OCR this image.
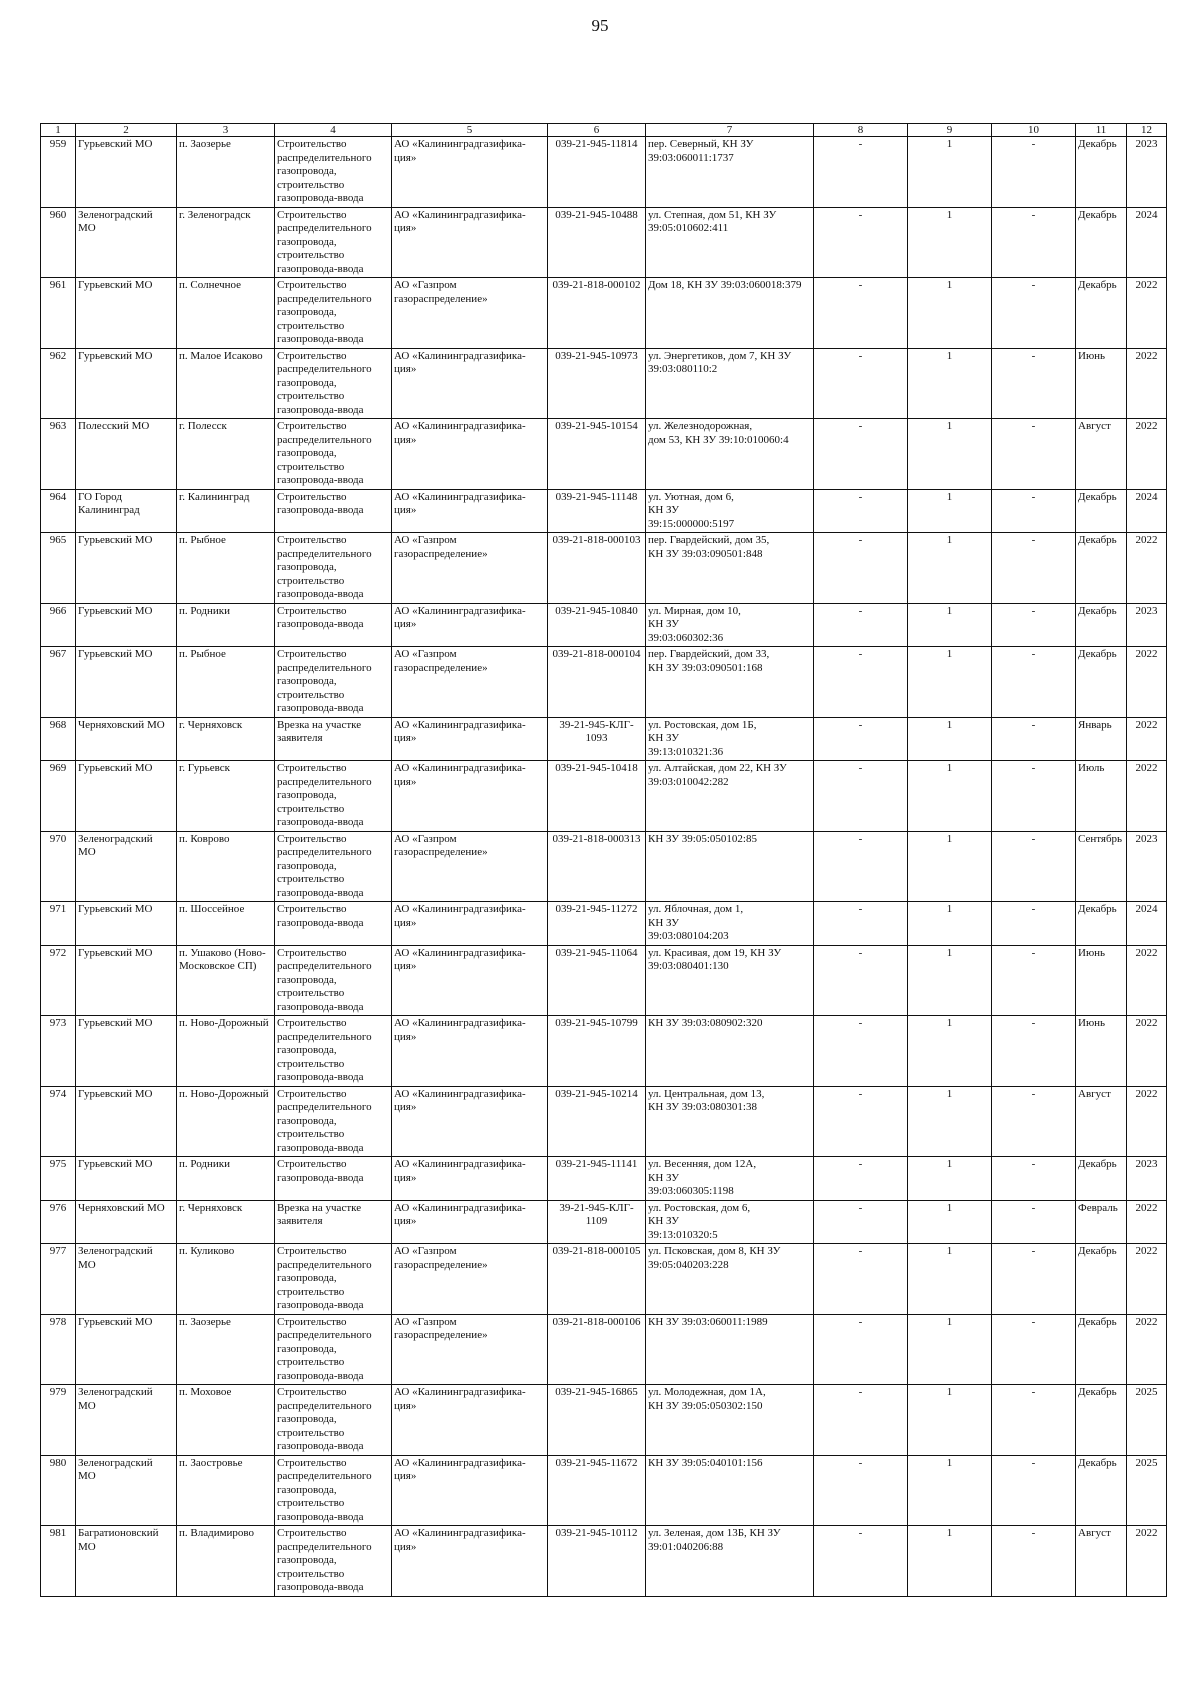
95
1	2	3	4	5	6	7	8	9	10	11	12
959	Гурьевский МО	п. Заозерье	Строительство
распределительного
газопровода,
строительство
газопровода-ввода	АО «Калининградгазифика-
ция»	039-21-945-11814	пер. Северный, КН ЗУ
39:03:060011:1737	-	1	-	Декабрь	2023
960	Зеленоградский
МО	г. Зеленоградск	Строительство
распределительного
газопровода,
строительство
газопровода-ввода	АО «Калининградгазифика-
ция»	039-21-945-10488	ул. Степная, дом 51, КН ЗУ
39:05:010602:411	-	1	-	Декабрь	2024
961	Гурьевский МО	п. Солнечное	Строительство
распределительного
газопровода,
строительство
газопровода-ввода	АО «Газпром
газораспределение»	039-21-818-000102	Дом 18, КН ЗУ 39:03:060018:379	-	1	-	Декабрь	2022
962	Гурьевский МО	п. Малое Исаково	Строительство
распределительного
газопровода,
строительство
газопровода-ввода	АО «Калининградгазифика-
ция»	039-21-945-10973	ул. Энергетиков, дом 7, КН ЗУ
39:03:080110:2	-	1	-	Июнь	2022
963	Полесский МО	г. Полесск	Строительство
распределительного
газопровода,
строительство
газопровода-ввода	АО «Калининградгазифика-
ция»	039-21-945-10154	ул. Железнодорожная,
дом 53, КН ЗУ 39:10:010060:4	-	1	-	Август	2022
964	ГО Город
Калининград	г. Калининград	Строительство
газопровода-ввода	АО «Калининградгазифика-
ция»	039-21-945-11148	ул. Уютная, дом 6,
КН ЗУ
39:15:000000:5197	-	1	-	Декабрь	2024
965	Гурьевский МО	п. Рыбное	Строительство
распределительного
газопровода,
строительство
газопровода-ввода	АО «Газпром
газораспределение»	039-21-818-000103	пер. Гвардейский, дом 35,
КН ЗУ 39:03:090501:848	-	1	-	Декабрь	2022
966	Гурьевский МО	п. Родники	Строительство
газопровода-ввода	АО «Калининградгазифика-
ция»	039-21-945-10840	ул. Мирная, дом 10,
КН ЗУ
39:03:060302:36	-	1	-	Декабрь	2023
967	Гурьевский МО	п. Рыбное	Строительство
распределительного
газопровода,
строительство
газопровода-ввода	АО «Газпром
газораспределение»	039-21-818-000104	пер. Гвардейский, дом 33,
КН ЗУ 39:03:090501:168	-	1	-	Декабрь	2022
968	Черняховский МО	г. Черняховск	Врезка на участке
заявителя	АО «Калининградгазифика-
ция»	39-21-945-КЛГ-
1093	ул. Ростовская, дом 1Б,
КН ЗУ
39:13:010321:36	-	1	-	Январь	2022
969	Гурьевский МО	г. Гурьевск	Строительство
распределительного
газопровода,
строительство
газопровода-ввода	АО «Калининградгазифика-
ция»	039-21-945-10418	ул. Алтайская, дом 22, КН ЗУ
39:03:010042:282	-	1	-	Июль	2022
970	Зеленоградский
МО	п. Коврово	Строительство
распределительного
газопровода,
строительство
газопровода-ввода	АО «Газпром
газораспределение»	039-21-818-000313	КН ЗУ 39:05:050102:85	-	1	-	Сентябрь	2023
971	Гурьевский МО	п. Шоссейное	Строительство
газопровода-ввода	АО «Калининградгазифика-
ция»	039-21-945-11272	ул. Яблочная, дом 1,
КН ЗУ
39:03:080104:203	-	1	-	Декабрь	2024
972	Гурьевский МО	п. Ушаково (Ново-
Московское СП)	Строительство
распределительного
газопровода,
строительство
газопровода-ввода	АО «Калининградгазифика-
ция»	039-21-945-11064	ул. Красивая, дом 19, КН ЗУ
39:03:080401:130	-	1	-	Июнь	2022
973	Гурьевский МО	п. Ново-Дорожный	Строительство
распределительного
газопровода,
строительство
газопровода-ввода	АО «Калининградгазифика-
ция»	039-21-945-10799	КН ЗУ 39:03:080902:320	-	1	-	Июнь	2022
974	Гурьевский МО	п. Ново-Дорожный	Строительство
распределительного
газопровода,
строительство
газопровода-ввода	АО «Калининградгазифика-
ция»	039-21-945-10214	ул. Центральная, дом 13,
КН ЗУ 39:03:080301:38	-	1	-	Август	2022
975	Гурьевский МО	п. Родники	Строительство
газопровода-ввода	АО «Калининградгазифика-
ция»	039-21-945-11141	ул. Весенняя, дом 12А,
КН ЗУ
39:03:060305:1198	-	1	-	Декабрь	2023
976	Черняховский МО	г. Черняховск	Врезка на участке
заявителя	АО «Калининградгазифика-
ция»	39-21-945-КЛГ-
1109	ул. Ростовская, дом 6,
КН ЗУ
39:13:010320:5	-	1	-	Февраль	2022
977	Зеленоградский
МО	п. Куликово	Строительство
распределительного
газопровода,
строительство
газопровода-ввода	АО «Газпром
газораспределение»	039-21-818-000105	ул. Псковская, дом 8, КН ЗУ
39:05:040203:228	-	1	-	Декабрь	2022
978	Гурьевский МО	п. Заозерье	Строительство
распределительного
газопровода,
строительство
газопровода-ввода	АО «Газпром
газораспределение»	039-21-818-000106	КН ЗУ 39:03:060011:1989	-	1	-	Декабрь	2022
979	Зеленоградский
МО	п. Моховое	Строительство
распределительного
газопровода,
строительство
газопровода-ввода	АО «Калининградгазифика-
ция»	039-21-945-16865	ул. Молодежная, дом 1А,
КН ЗУ 39:05:050302:150	-	1	-	Декабрь	2025
980	Зеленоградский
МО	п. Заостровье	Строительство
распределительного
газопровода,
строительство
газопровода-ввода	АО «Калининградгазифика-
ция»	039-21-945-11672	КН ЗУ 39:05:040101:156	-	1	-	Декабрь	2025
981	Багратионовский
МО	п. Владимирово	Строительство
распределительного
газопровода,
строительство
газопровода-ввода	АО «Калининградгазифика-
ция»	039-21-945-10112	ул. Зеленая, дом 13Б, КН ЗУ
39:01:040206:88	-	1	-	Август	2022
